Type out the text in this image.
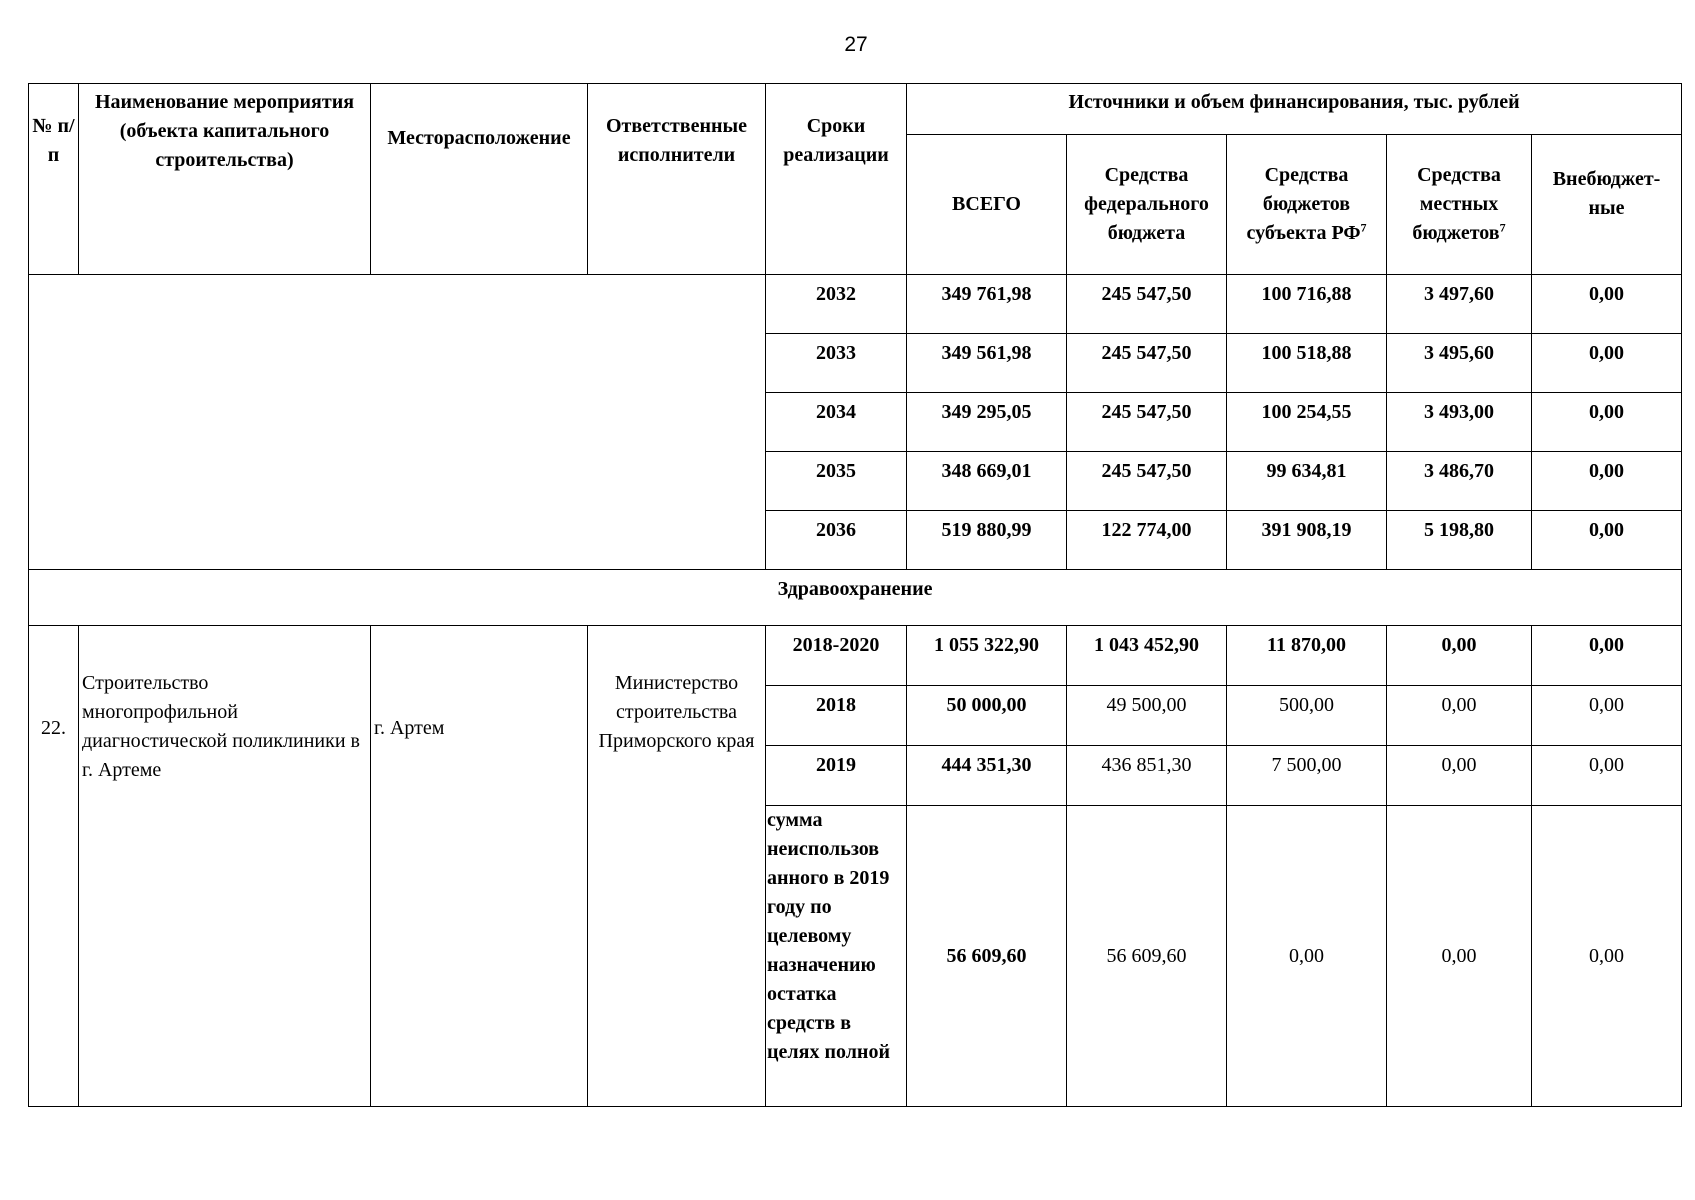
27
№ п/п	Наименование мероприятия (объекта капитального строительства)	Месторасположение	Ответственные исполнители	Сроки реализации	Источники и объем финансирования, тыс. рублей				
					ВСЕГО	Средства федерального бюджета	Средства бюджетов субъекта $РФ^7$	Средства местных бюджетов$^7$	Внебюджет-ные
				2032	349 761,98	245 547,50	100 716,88	3 497,60	0,00
				2033	349 561,98	245 547,50	100 518,88	3 495,60	0,00
				2034	349 295,05	245 547,50	100 254,55	3 493,00	0,00
				2035	348 669,01	245 547,50	99 634,81	3 486,70	0,00
				2036	519 880,99	122 774,00	391 908,19	5 198,80	0,00
Здравоохранение									
22.	Строительство многопрофильной диагностической поликлиники в г. Артеме	г. Артем	Министерство строительства Приморского края	2018-2020	1 055 322,90	1 043 452,90	11 870,00	0,00	0,00
				2018	50 000,00	49 500,00	500,00	0,00	0,00
				2019	444 351,30	436 851,30	7 500,00	0,00	0,00
				сумма неиспользов анного в 2019 году по целевому назначению остатка средств в целях полной	56 609,60	56 609,60	0,00	0,00	0,00
